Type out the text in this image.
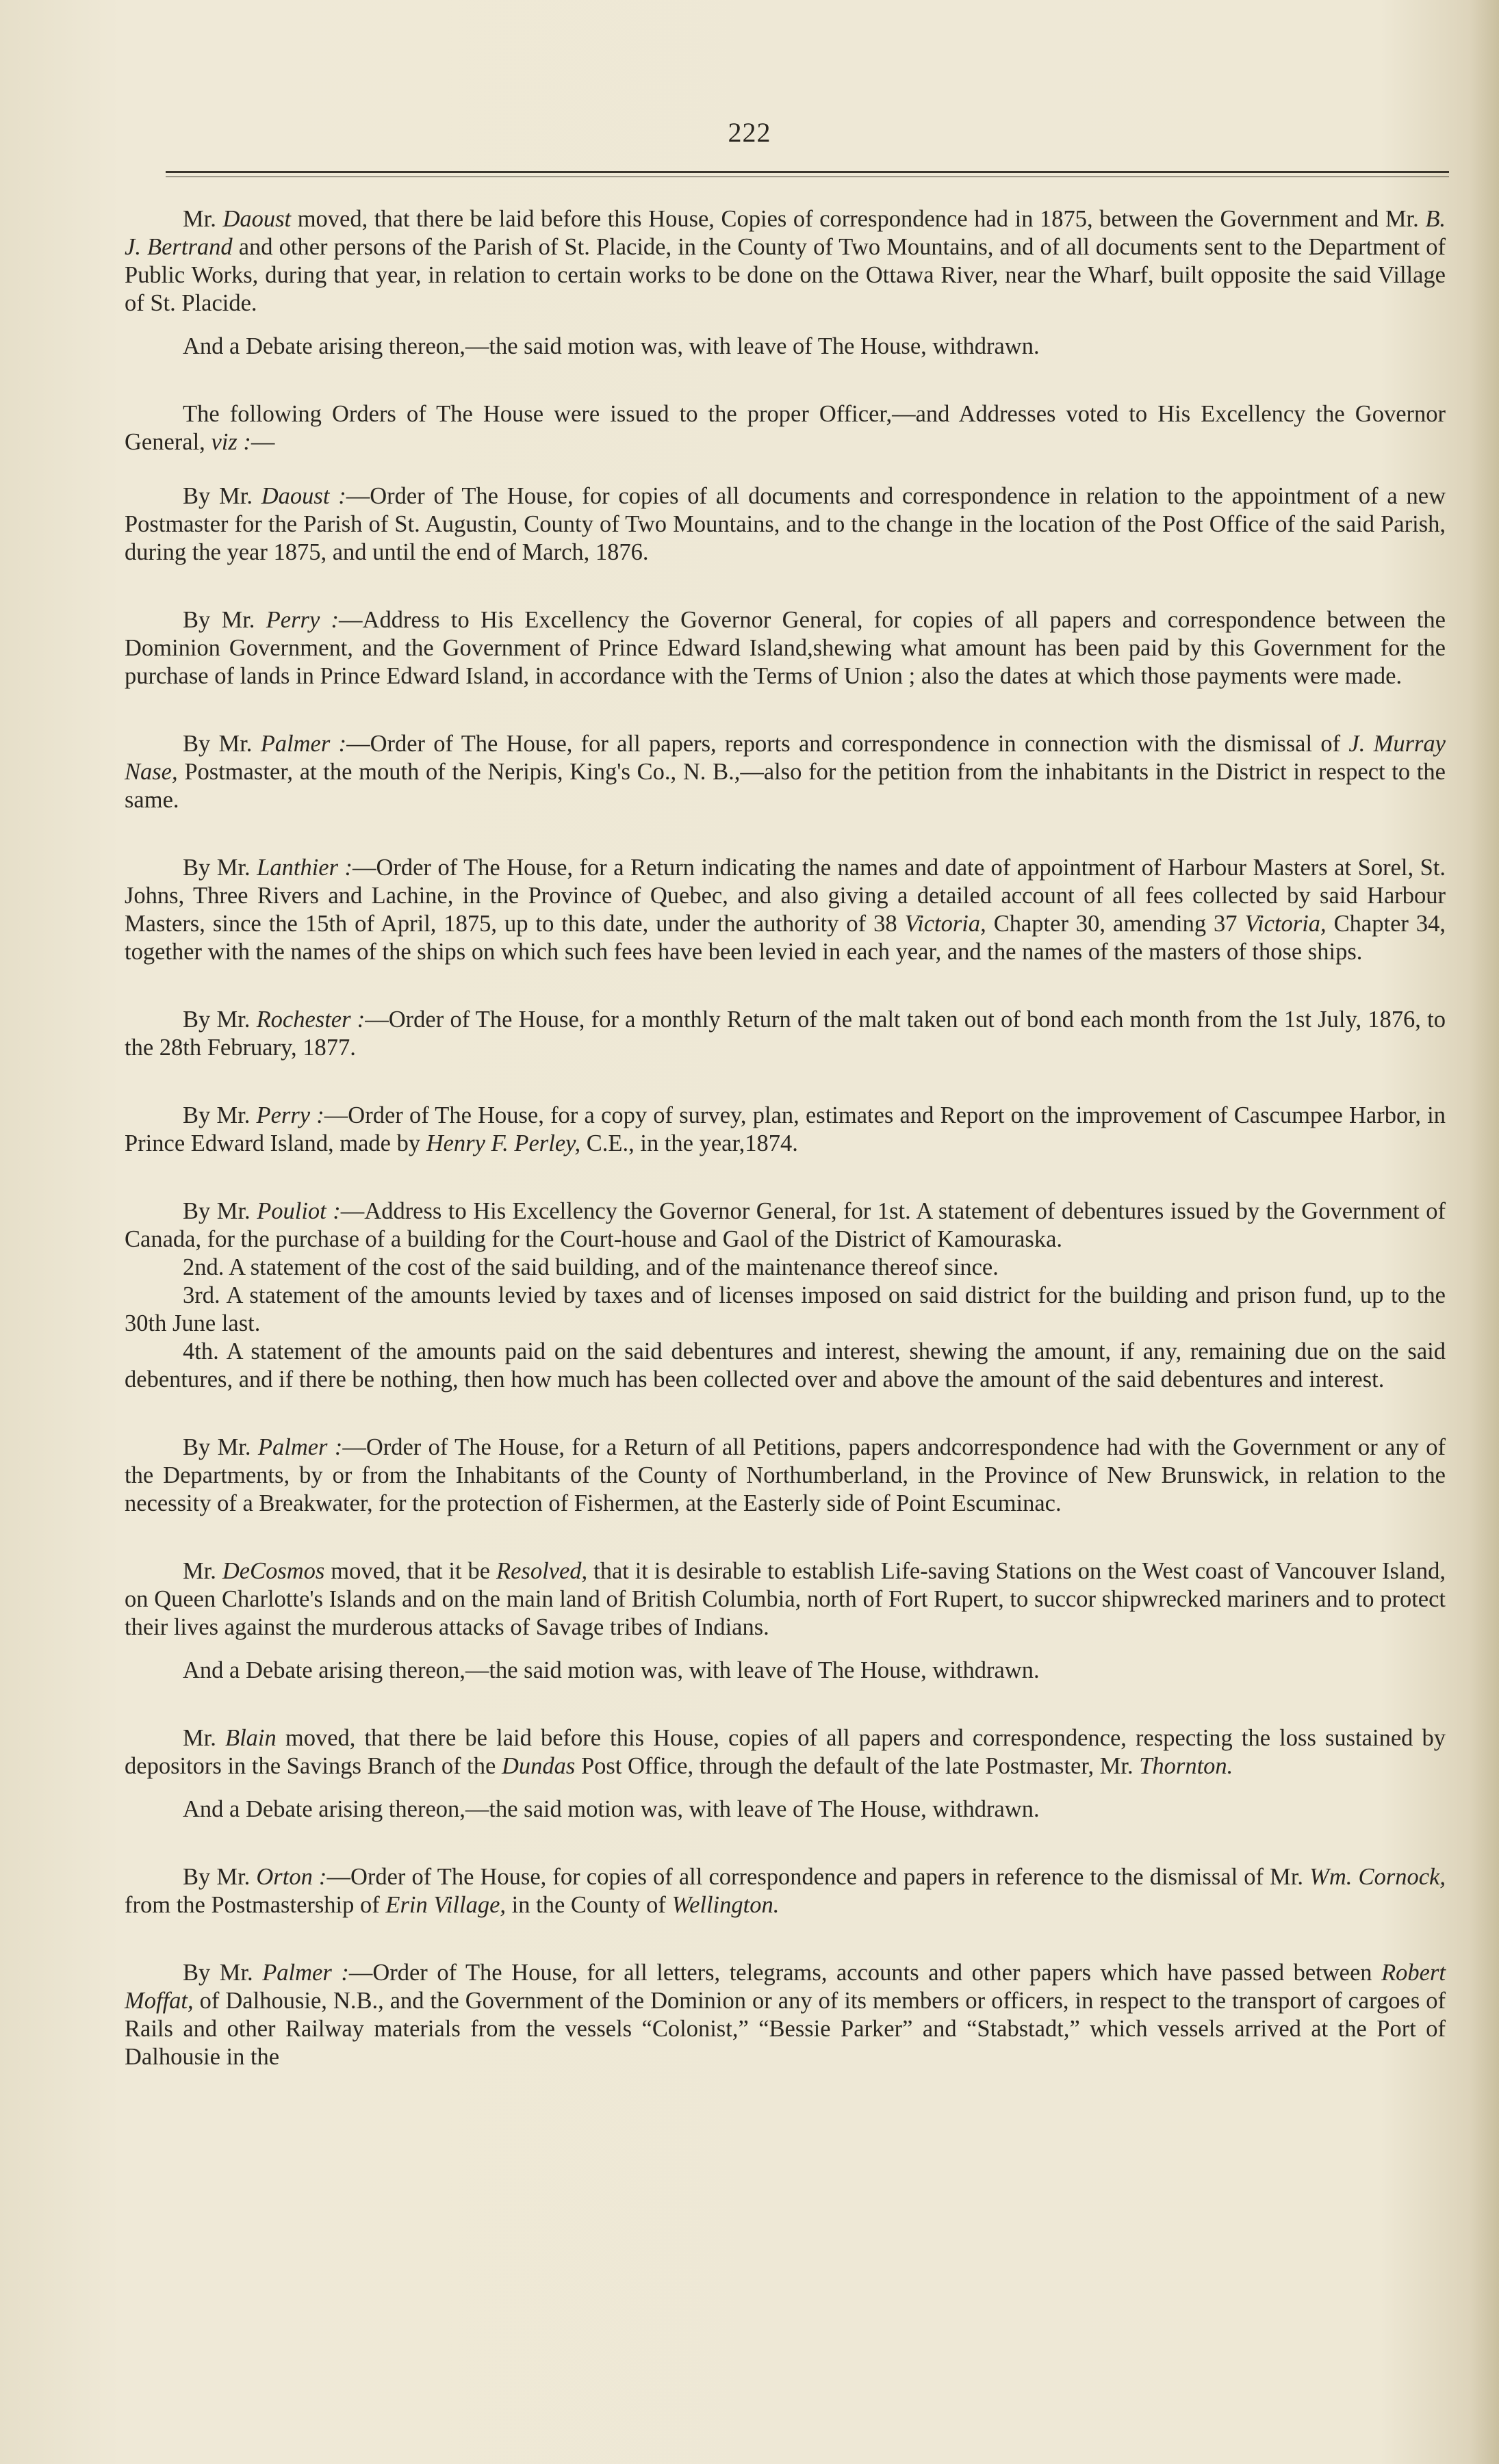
222

Mr. Daoust moved, that there be laid before this House, Copies of correspondence had in 1875, between the Government and Mr. B. J. Bertrand and other persons of the Parish of St. Placide, in the County of Two Mountains, and of all documents sent to the Department of Public Works, during that year, in relation to certain works to be done on the Ottawa River, near the Wharf, built opposite the said Village of St. Placide.

And a Debate arising thereon,—the said motion was, with leave of The House, withdrawn.

The following Orders of The House were issued to the proper Officer,—and Addresses voted to His Excellency the Governor General, viz :—

By Mr. Daoust :—Order of The House, for copies of all documents and correspondence in relation to the appointment of a new Postmaster for the Parish of St. Augustin, County of Two Mountains, and to the change in the location of the Post Office of the said Parish, during the year 1875, and until the end of March, 1876.

By Mr. Perry :—Address to His Excellency the Governor General, for copies of all papers and correspondence between the Dominion Government, and the Government of Prince Edward Island,shewing what amount has been paid by this Government for the purchase of lands in Prince Edward Island, in accordance with the Terms of Union ; also the dates at which those payments were made.

By Mr. Palmer :—Order of The House, for all papers, reports and correspondence in connection with the dismissal of J. Murray Nase, Postmaster, at the mouth of the Neripis, King's Co., N. B.,—also for the petition from the inhabitants in the District in respect to the same.

By Mr. Lanthier :—Order of The House, for a Return indicating the names and date of appointment of Harbour Masters at Sorel, St. Johns, Three Rivers and Lachine, in the Province of Quebec, and also giving a detailed account of all fees collected by said Harbour Masters, since the 15th of April, 1875, up to this date, under the authority of 38 Victoria, Chapter 30, amending 37 Victoria, Chapter 34, together with the names of the ships on which such fees have been levied in each year, and the names of the masters of those ships.

By Mr. Rochester :—Order of The House, for a monthly Return of the malt taken out of bond each month from the 1st July, 1876, to the 28th February, 1877.

By Mr. Perry :—Order of The House, for a copy of survey, plan, estimates and Report on the improvement of Cascumpee Harbor, in Prince Edward Island, made by Henry F. Perley, C.E., in the year,1874.

By Mr. Pouliot :—Address to His Excellency the Governor General, for 1st. A statement of debentures issued by the Government of Canada, for the purchase of a building for the Court-house and Gaol of the District of Kamouraska.

2nd. A statement of the cost of the said building, and of the maintenance thereof since.

3rd. A statement of the amounts levied by taxes and of licenses imposed on said district for the building and prison fund, up to the 30th June last.

4th. A statement of the amounts paid on the said debentures and interest, shewing the amount, if any, remaining due on the said debentures, and if there be nothing, then how much has been collected over and above the amount of the said debentures and interest.

By Mr. Palmer :—Order of The House, for a Return of all Petitions, papers andcorrespondence had with the Government or any of the Departments, by or from the Inhabitants of the County of Northumberland, in the Province of New Brunswick, in relation to the necessity of a Breakwater, for the protection of Fishermen, at the Easterly side of Point Escuminac.

Mr. DeCosmos moved, that it be Resolved, that it is desirable to establish Life-saving Stations on the West coast of Vancouver Island, on Queen Charlotte's Islands and on the main land of British Columbia, north of Fort Rupert, to succor shipwrecked mariners and to protect their lives against the murderous attacks of Savage tribes of Indians.

And a Debate arising thereon,—the said motion was, with leave of The House, withdrawn.

Mr. Blain moved, that there be laid before this House, copies of all papers and correspondence, respecting the loss sustained by depositors in the Savings Branch of the Dundas Post Office, through the default of the late Postmaster, Mr. Thornton.

And a Debate arising thereon,—the said motion was, with leave of The House, withdrawn.

By Mr. Orton :—Order of The House, for copies of all correspondence and papers in reference to the dismissal of Mr. Wm. Cornock, from the Postmastership of Erin Village, in the County of Wellington.

By Mr. Palmer :—Order of The House, for all letters, telegrams, accounts and other papers which have passed between Robert Moffat, of Dalhousie, N.B., and the Government of the Dominion or any of its members or officers, in respect to the transport of cargoes of Rails and other Railway materials from the vessels “Colonist,” “Bessie Parker” and “Stabstadt,” which vessels arrived at the Port of Dalhousie in the
